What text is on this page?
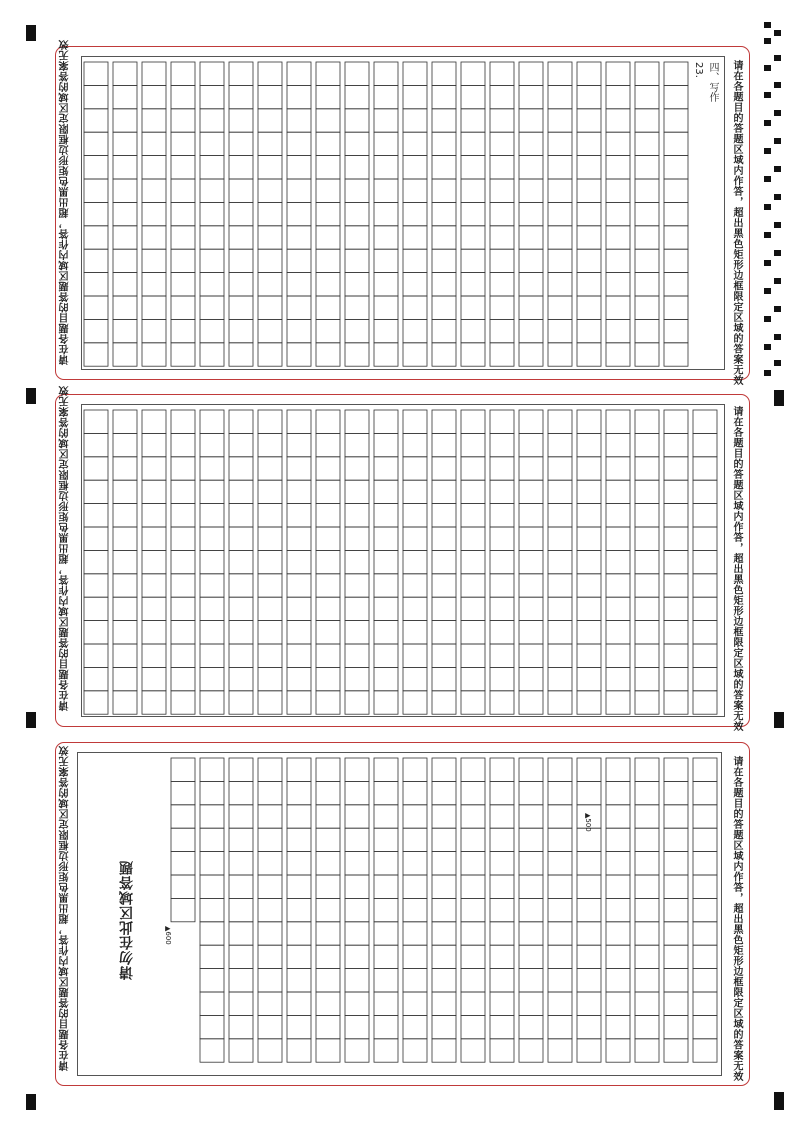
请在各题目的答题区域内作答，超出黑色矩形边框限定区域的答案无效	请在各题目的答题区域内作答，超出黑色矩形边框限定区域的答案无效
四、写作
23.
请在各题目的答题区域内作答，超出黑色矩形边框限定区域的答案无效	请在各题目的答题区域内作答，超出黑色矩形边框限定区域的答案无效
请在各题目的答题区域内作答，超出黑色矩形边框限定区域的答案无效	请在各题目的答题区域内作答，超出黑色矩形边框限定区域的答案无效
请勿在此区域答题
▲500
▲600
